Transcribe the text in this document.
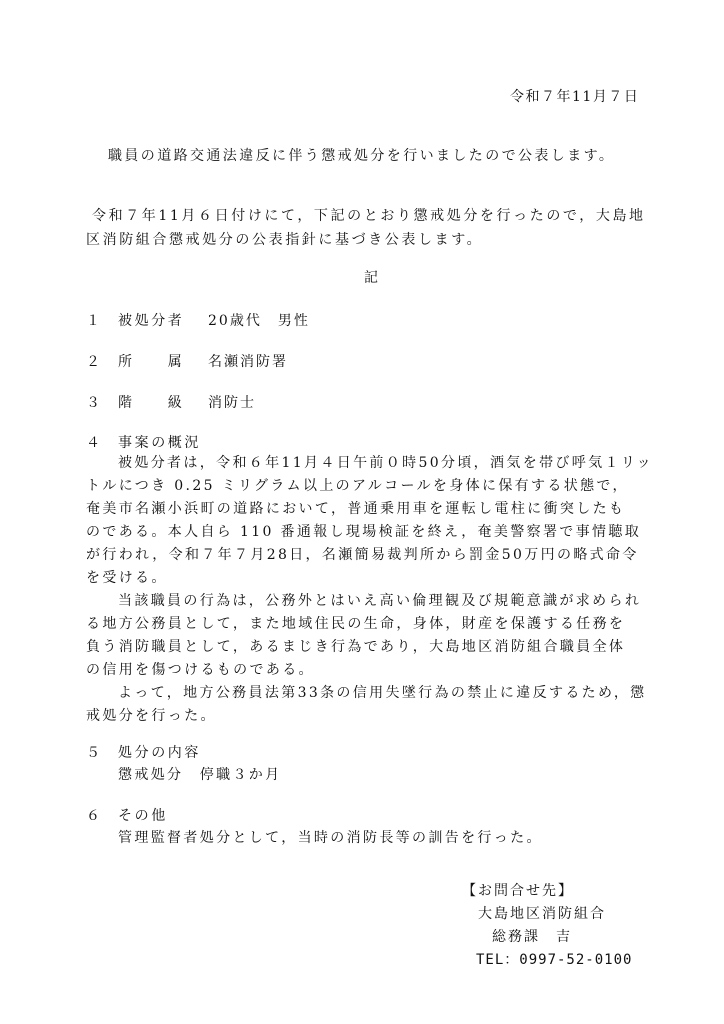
令和７年11月７日
職員の道路交通法違反に伴う懲戒処分を行いましたので公表します。
令和７年11月６日付けにて，下記のとおり懲戒処分を行ったので，大島地
区消防組合懲戒処分の公表指針に基づき公表します。
記
１ 被処分者 20歳代　男性
２ 所　　属 名瀬消防署
３ 階　　級 消防士
４ 事案の概況
被処分者は，令和６年11月４日午前０時50分頃，酒気を帯び呼気１リッ
トルにつき 0.25 ミリグラム以上のアルコールを身体に保有する状態で，
奄美市名瀬小浜町の道路において，普通乗用車を運転し電柱に衝突したも
のである。本人自ら 110 番通報し現場検証を終え，奄美警察署で事情聴取
が行われ，令和７年７月28日，名瀬簡易裁判所から罰金50万円の略式命令
を受ける。
当該職員の行為は，公務外とはいえ高い倫理観及び規範意識が求められ
る地方公務員として，また地域住民の生命，身体，財産を保護する任務を
負う消防職員として，あるまじき行為であり，大島地区消防組合職員全体
の信用を傷つけるものである。
よって，地方公務員法第33条の信用失墜行為の禁止に違反するため，懲
戒処分を行った。
５ 処分の内容
懲戒処分　停職３か月
６ その他
管理監督者処分として，当時の消防長等の訓告を行った。
【お問合せ先】
大島地区消防組合
総務課　吉
TEL：0997-52-0100
